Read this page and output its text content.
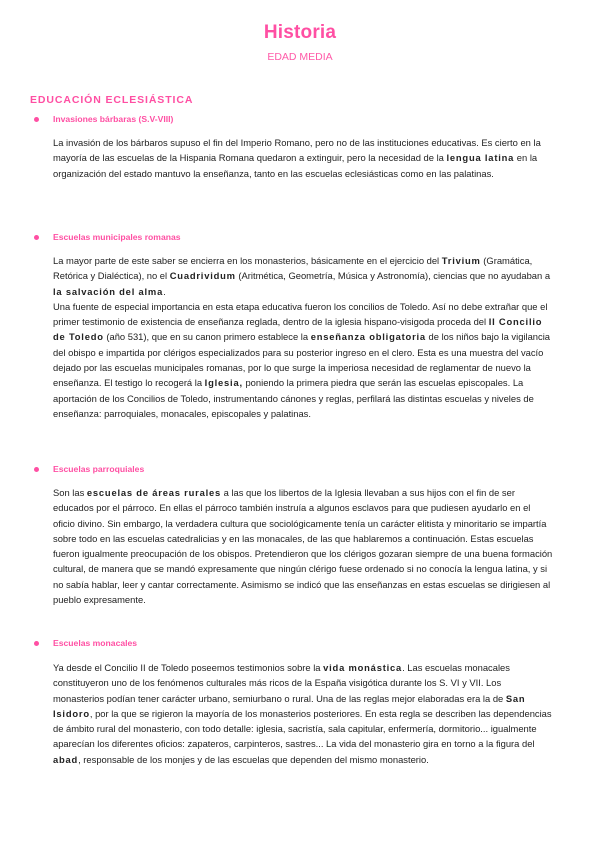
Historia
EDAD MEDIA
EDUCACIÓN ECLESIÁSTICA
Invasiones bárbaras (S.V-VIII)

La invasión de los bárbaros supuso el fin del Imperio Romano, pero no de las instituciones educativas. Es cierto en la mayoría de las escuelas de la Hispania Romana quedaron a extinguir, pero la necesidad de la lengua latina en la organización del estado mantuvo la enseñanza, tanto en las escuelas eclesiásticas como en las palatinas.

Escuelas municipales romanas

La mayor parte de este saber se encierra en los monasterios, básicamente en el ejercicio del Trivium (Gramática, Retórica y Dialéctica), no el Cuadrividum (Aritmética, Geometría, Música y Astronomía), ciencias que no ayudaban a la salvación del alma.

Una fuente de especial importancia en esta etapa educativa fueron los concilios de Toledo. Así no debe extrañar que el primer testimonio de existencia de enseñanza reglada, dentro de la iglesia hispano-visigoda proceda del II Concilio de Toledo (año 531), que en su canon primero establece la enseñanza obligatoria de los niños bajo la vigilancia del obispo e impartida por clérigos especializados para su posterior ingreso en el clero. Esta es una muestra del vacío dejado por las escuelas municipales romanas, por lo que surge la imperiosa necesidad de reglamentar de nuevo la enseñanza. El testigo lo recogerá la Iglesia, poniendo la primera piedra que serán las escuelas episcopales. La aportación de los Concilios de Toledo, instrumentando cánones y reglas, perfilará las distintas escuelas y niveles de enseñanza: parroquiales, monacales, episcopales y palatinas.

Escuelas parroquiales

Son las escuelas de áreas rurales a las que los libertos de la Iglesia llevaban a sus hijos con el fin de ser educados por el párroco. En ellas el párroco también instruía a algunos esclavos para que pudiesen ayudarlo en el oficio divino. Sin embargo, la verdadera cultura que sociológicamente tenía un carácter elitista y minoritario se impartía sobre todo en las escuelas catedralicias y en las monacales, de las que hablaremos a continuación. Estas escuelas fueron igualmente preocupación de los obispos. Pretendieron que los clérigos gozaran siempre de una buena formación cultural, de manera que se mandó expresamente que ningún clérigo fuese ordenado si no conocía la lengua latina, y si no sabía hablar, leer y cantar correctamente. Asimismo se indicó que las enseñanzas en estas escuelas se dirigiesen al pueblo expresamente.

Escuelas monacales

Ya desde el Concilio II de Toledo poseemos testimonios sobre la vida monástica. Las escuelas monacales constituyeron uno de los fenómenos culturales más ricos de la España visigótica durante los S. VI y VII. Los monasterios podían tener carácter urbano, semiurbano o rural. Una de las reglas mejor elaboradas era la de San Isidoro, por la que se rigieron la mayoría de los monasterios posteriores. En esta regla se describen las dependencias de ámbito rural del monasterio, con todo detalle: iglesia, sacristía, sala capitular, enfermería, dormitorio... igualmente aparecían los diferentes oficios: zapateros, carpinteros, sastres... La vida del monasterio gira en torno a la figura del abad, responsable de los monjes y de las escuelas que dependen del mismo monasterio.
